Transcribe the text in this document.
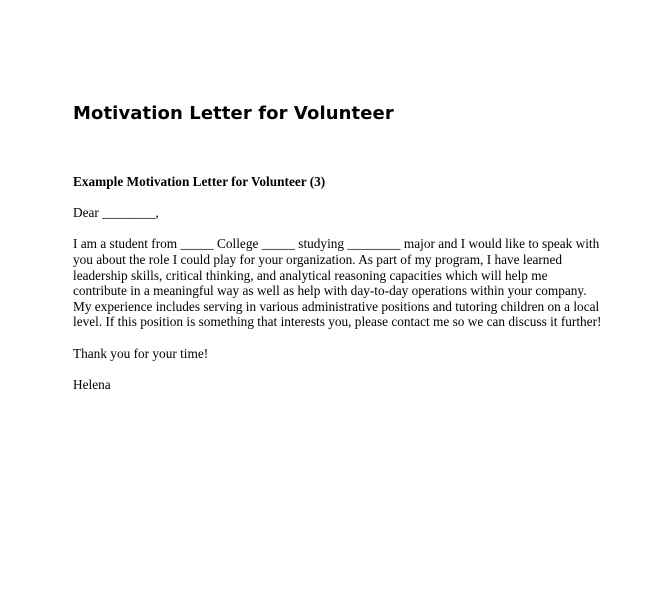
Motivation Letter for Volunteer

Example Motivation Letter for Volunteer (3)

Dear ________,

I am a student from _____ College _____ studying ________ major and I would like to speak with you about the role I could play for your organization. As part of my program, I have learned leadership skills, critical thinking, and analytical reasoning capacities which will help me contribute in a meaningful way as well as help with day-to-day operations within your company. My experience includes serving in various administrative positions and tutoring children on a local level. If this position is something that interests you, please contact me so we can discuss it further!

Thank you for your time!

Helena
